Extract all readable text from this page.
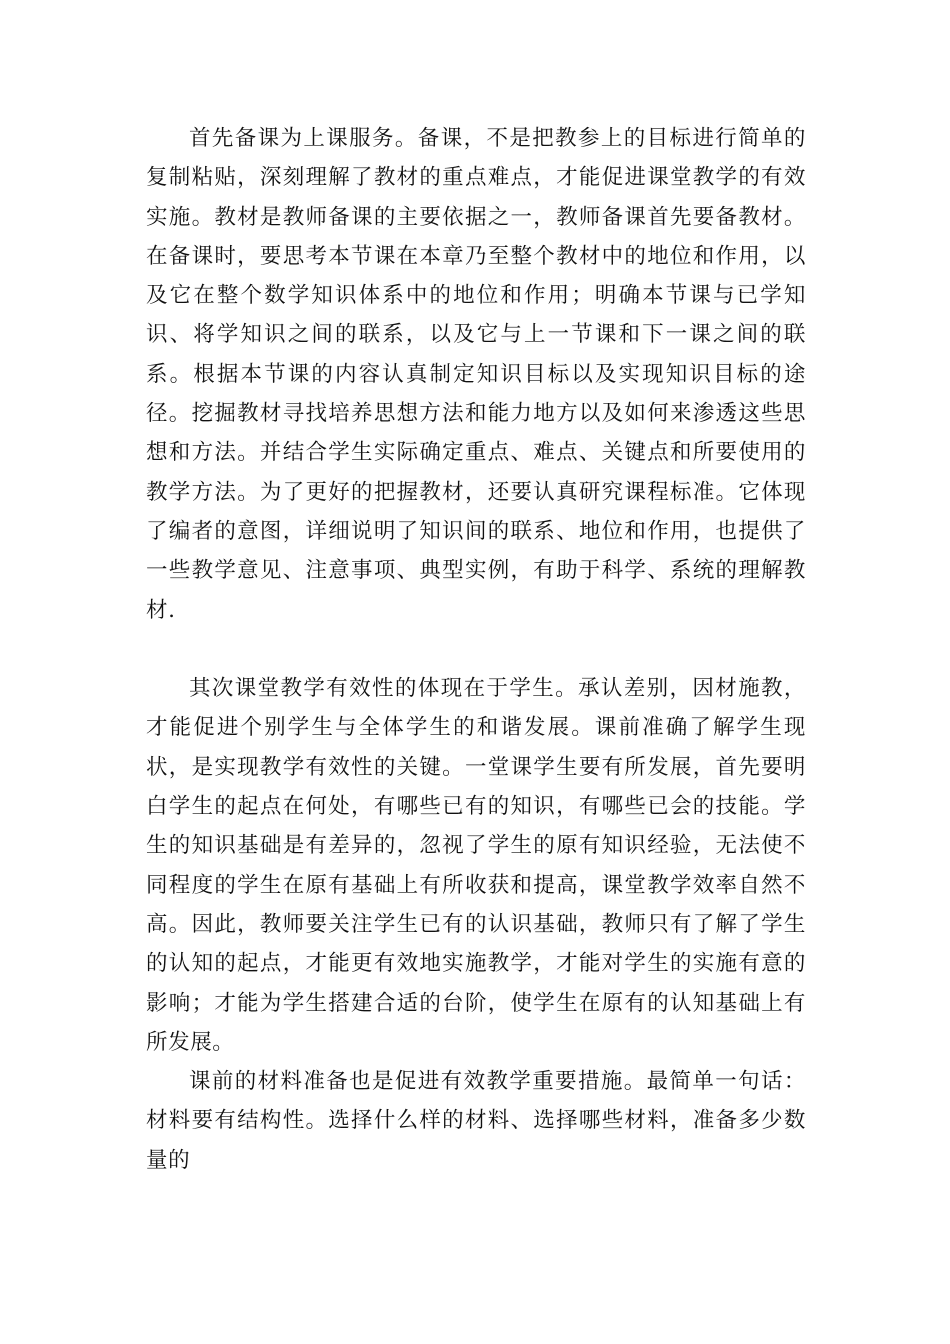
首先备课为上课服务。备课，不是把教参上的目标进行简单的复制粘贴，深刻理解了教材的重点难点，才能促进课堂教学的有效实施。教材是教师备课的主要依据之一，教师备课首先要备教材。在备课时，要思考本节课在本章乃至整个教材中的地位和作用，以及它在整个数学知识体系中的地位和作用；明确本节课与已学知识、将学知识之间的联系，以及它与上一节课和下一课之间的联系。根据本节课的内容认真制定知识目标以及实现知识目标的途径。挖掘教材寻找培养思想方法和能力地方以及如何来渗透这些思想和方法。并结合学生实际确定重点、难点、关键点和所要使用的教学方法。为了更好的把握教材，还要认真研究课程标准。它体现了编者的意图，详细说明了知识间的联系、地位和作用，也提供了一些教学意见、注意事项、典型实例，有助于科学、系统的理解教材.

其次课堂教学有效性的体现在于学生。承认差别，因材施教，才能促进个别学生与全体学生的和谐发展。课前准确了解学生现状，是实现教学有效性的关键。一堂课学生要有所发展，首先要明白学生的起点在何处，有哪些已有的知识，有哪些已会的技能。学生的知识基础是有差异的，忽视了学生的原有知识经验，无法使不同程度的学生在原有基础上有所收获和提高，课堂教学效率自然不高。因此，教师要关注学生已有的认识基础，教师只有了解了学生的认知的起点，才能更有效地实施教学，才能对学生的实施有意的影响；才能为学生搭建合适的台阶，使学生在原有的认知基础上有所发展。

课前的材料准备也是促进有效教学重要措施。最简单一句话：材料要有结构性。选择什么样的材料、选择哪些材料，准备多少数量的
